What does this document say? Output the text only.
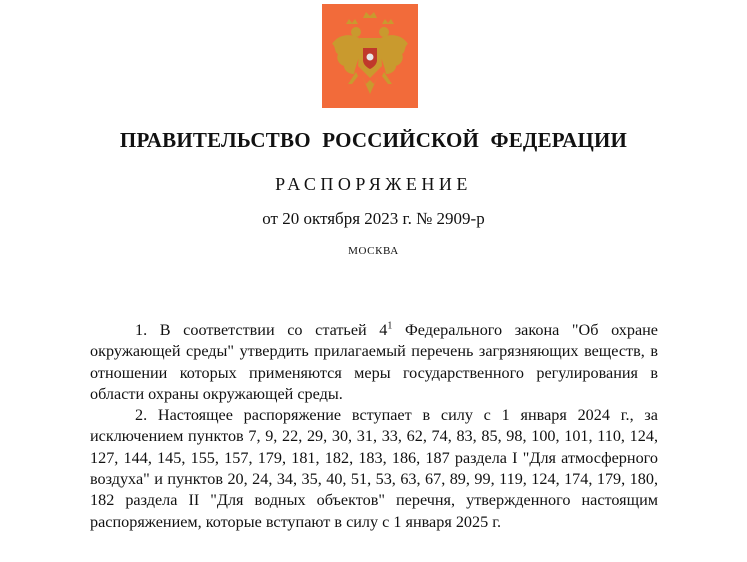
ПРАВИТЕЛЬСТВО РОССИЙСКОЙ ФЕДЕРАЦИИ
РАСПОРЯЖЕНИЕ
от 20 октября 2023 г. № 2909-р
МОСКВА

1. В соответствии со статьей $4^1$ Федерального закона "Об охране окружающей среды" утвердить прилагаемый перечень загрязняющих веществ, в отношении которых применяются меры государственного регулирования в области охраны окружающей среды.

2. Настоящее распоряжение вступает в силу с 1 января 2024 г., за исключением пунктов 7, 9, 22, 29, 30, 31, 33, 62, 74, 83, 85, 98, 100, 101, 110, 124, 127, 144, 145, 155, 157, 179, 181, 182, 183, 186, 187 раздела I "Для атмосферного воздуха" и пунктов 20, 24, 34, 35, 40, 51, 53, 63, 67, 89, 99, 119, 124, 174, 179, 180, 182 раздела II "Для водных объектов" перечня, утвержденного настоящим распоряжением, которые вступают в силу с 1 января 2025 г.
